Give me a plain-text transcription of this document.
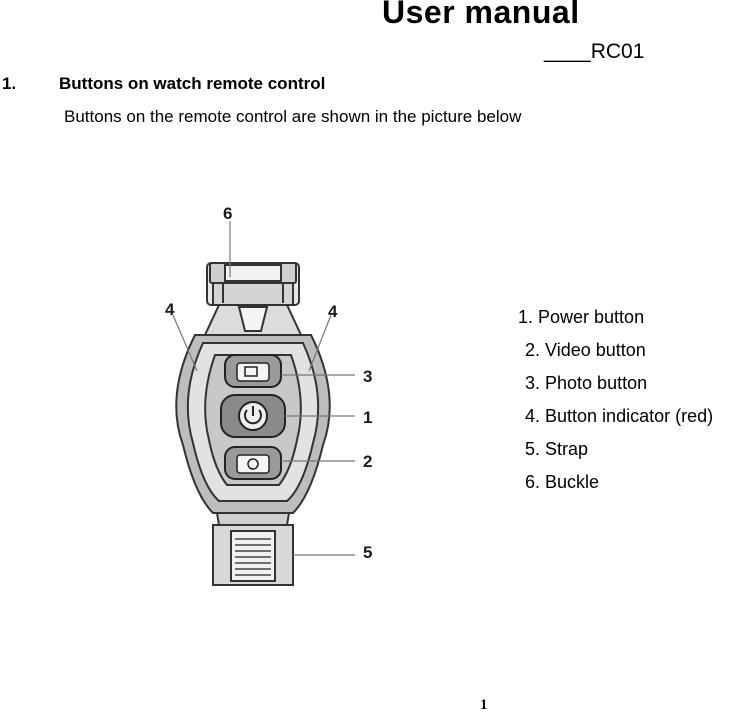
User manual
____RC01
1.	Buttons on watch remote control
Buttons on the remote control are shown in the picture below
6
4	4
3
1
2
5
1. Power button
2. Video button
3. Photo button
4. Button indicator (red)
5. Strap
6. Buckle
1
